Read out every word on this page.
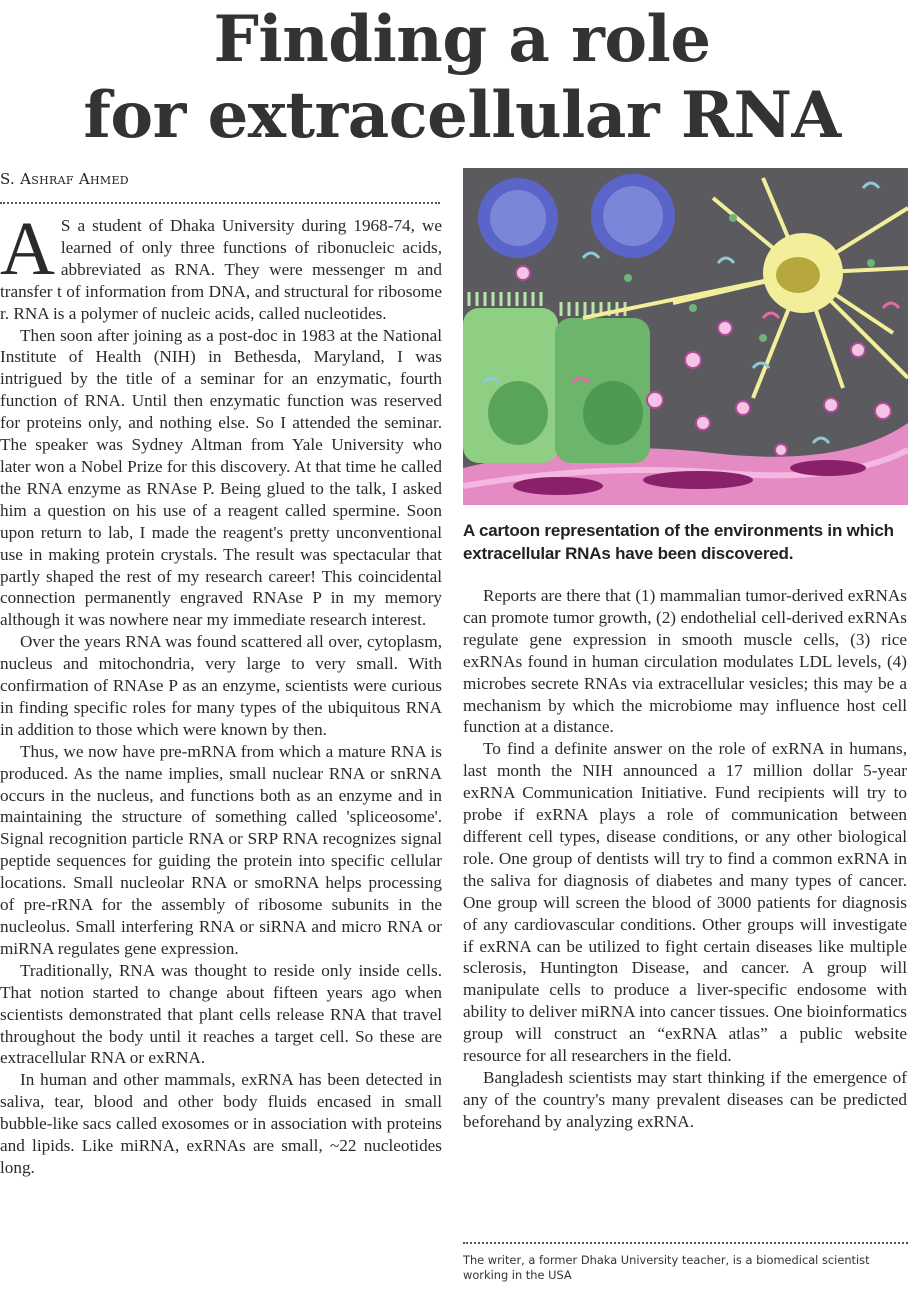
Finding a role
for extracellular RNA
S. Ashraf Ahmed

A S a student of Dhaka University during 1968-74, we learned of only three functions of ribonucleic acids, abbreviated as RNA. They were messenger m and transfer t of information from DNA, and structural for ribosome r. RNA is a polymer of nucleic acids, called nucleotides.

Then soon after joining as a post-doc in 1983 at the National Institute of Health (NIH) in Bethesda, Maryland, I was intrigued by the title of a seminar for an enzymatic, fourth function of RNA. Until then enzymatic function was reserved for proteins only, and nothing else. So I attended the seminar. The speaker was Sydney Altman from Yale University who later won a Nobel Prize for this discovery. At that time he called the RNA enzyme as RNAse P. Being glued to the talk, I asked him a question on his use of a reagent called spermine. Soon upon return to lab, I made the reagent's pretty unconventional use in making protein crystals. The result was spectacular that partly shaped the rest of my research career! This coincidental connection permanently engraved RNAse P in my memory although it was nowhere near my immediate research interest.

Over the years RNA was found scattered all over, cytoplasm, nucleus and mitochondria, very large to very small. With confirmation of RNAse P as an enzyme, scientists were curious in finding specific roles for many types of the ubiquitous RNA in addition to those which were known by then.

Thus, we now have pre-mRNA from which a mature RNA is produced. As the name implies, small nuclear RNA or snRNA occurs in the nucleus, and functions both as an enzyme and in maintaining the structure of something called 'spliceosome'. Signal recognition particle RNA or SRP RNA recognizes signal peptide sequences for guiding the protein into specific cellular locations. Small nucleolar RNA or smoRNA helps processing of pre-rRNA for the assembly of ribosome subunits in the nucleolus. Small interfering RNA or siRNA and micro RNA or miRNA regulates gene expression.

Traditionally, RNA was thought to reside only inside cells. That notion started to change about fifteen years ago when scientists demonstrated that plant cells release RNA that travel throughout the body until it reaches a target cell. So these are extracellular RNA or exRNA.

In human and other mammals, exRNA has been detected in saliva, tear, blood and other body fluids encased in small bubble-like sacs called exosomes or in association with proteins and lipids. Like miRNA, exRNAs are small, ~22 nucleotides long.

A cartoon representation of the environments in which extracellular RNAs have been discovered.

Reports are there that (1) mammalian tumor-derived exRNAs can promote tumor growth, (2) endothelial cell-derived exRNAs regulate gene expression in smooth muscle cells, (3) rice exRNAs found in human circulation modulates LDL levels, (4) microbes secrete RNAs via extracellular vesicles; this may be a mechanism by which the microbiome may influence host cell function at a distance.

To find a definite answer on the role of exRNA in humans, last month the NIH announced a 17 million dollar 5-year exRNA Communication Initiative. Fund recipients will try to probe if exRNA plays a role of communication between different cell types, disease conditions, or any other biological role. One group of dentists will try to find a common exRNA in the saliva for diagnosis of diabetes and many types of cancer. One group will screen the blood of 3000 patients for diagnosis of any cardiovascular conditions. Other groups will investigate if exRNA can be utilized to fight certain diseases like multiple sclerosis, Huntington Disease, and cancer. A group will manipulate cells to produce a liver-specific endosome with ability to deliver miRNA into cancer tissues. One bioinformatics group will construct an “exRNA atlas” a public website resource for all researchers in the field.

Bangladesh scientists may start thinking if the emergence of any of the country's many prevalent diseases can be predicted beforehand by analyzing exRNA.

The writer, a former Dhaka University teacher, is a biomedical scientist working in the USA
